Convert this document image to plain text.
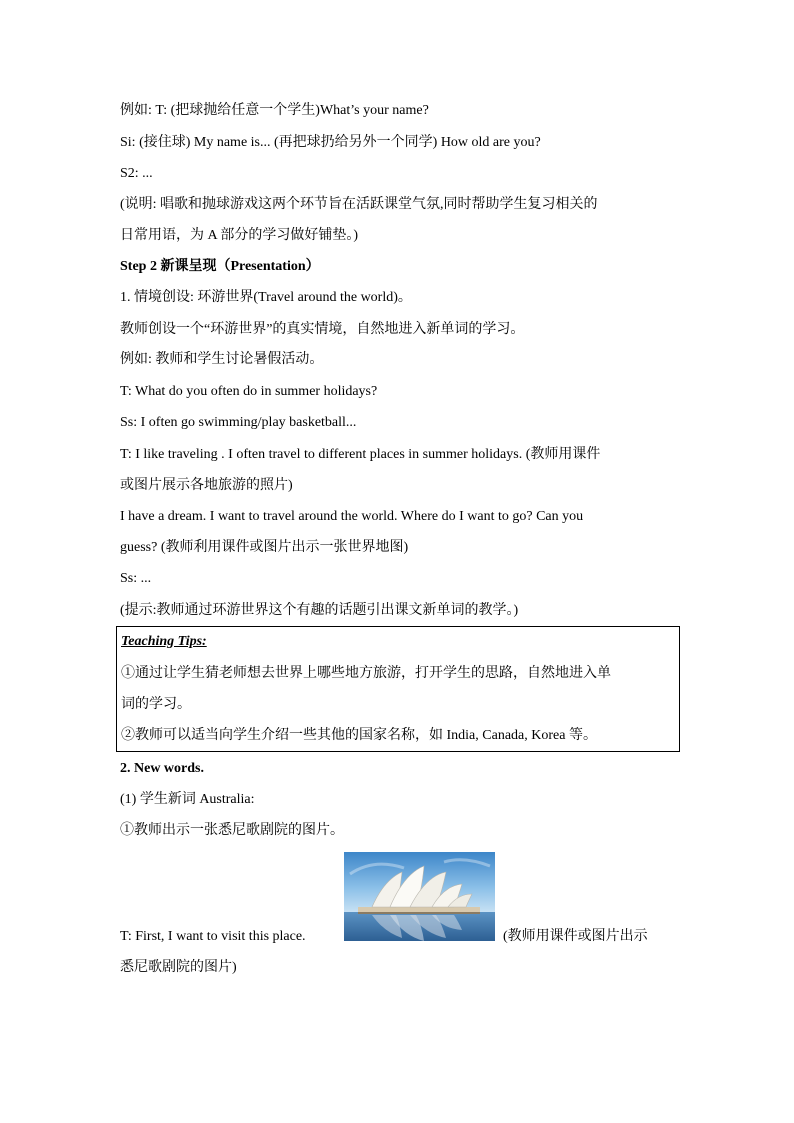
例如: T: (把球抛给任意一个学生)What’s your name?
Si: (接住球) My name is... (再把球扔给另外一个同学) How old are you?
S2: ...
(说明: 唱歌和抛球游戏这两个环节旨在活跃课堂气氛,同时帮助学生复习相关的
日常用语，为 A 部分的学习做好铺垫。)
Step 2 新课呈现（Presentation）
1. 情境创设: 环游世界(Travel around the world)。
教师创设一个“环游世界”的真实情境，自然地进入新单词的学习。
例如: 教师和学生讨论暑假活动。
T: What do you often do in summer holidays?
Ss: I often go swimming/play basketball...
T: I like traveling . I often travel to different places in summer holidays. (教师用课件
或图片展示各地旅游的照片)
I have a dream. I want to travel around the world. Where do I want to go? Can you
guess? (教师利用课件或图片出示一张世界地图)
Ss: ...
(提示:教师通过环游世界这个有趣的话题引出课文新单词的教学。)
Teaching Tips:
①通过让学生猜老师想去世界上哪些地方旅游，打开学生的思路，自然地进入单
词的学习。
②教师可以适当向学生介绍一些其他的国家名称，如 India, Canada, Korea 等。
2. New words.
(1) 学生新词 Australia:
①教师出示一张悉尼歌剧院的图片。
T: First, I want to visit this place.	(教师用课件或图片出示
悉尼歌剧院的图片)
